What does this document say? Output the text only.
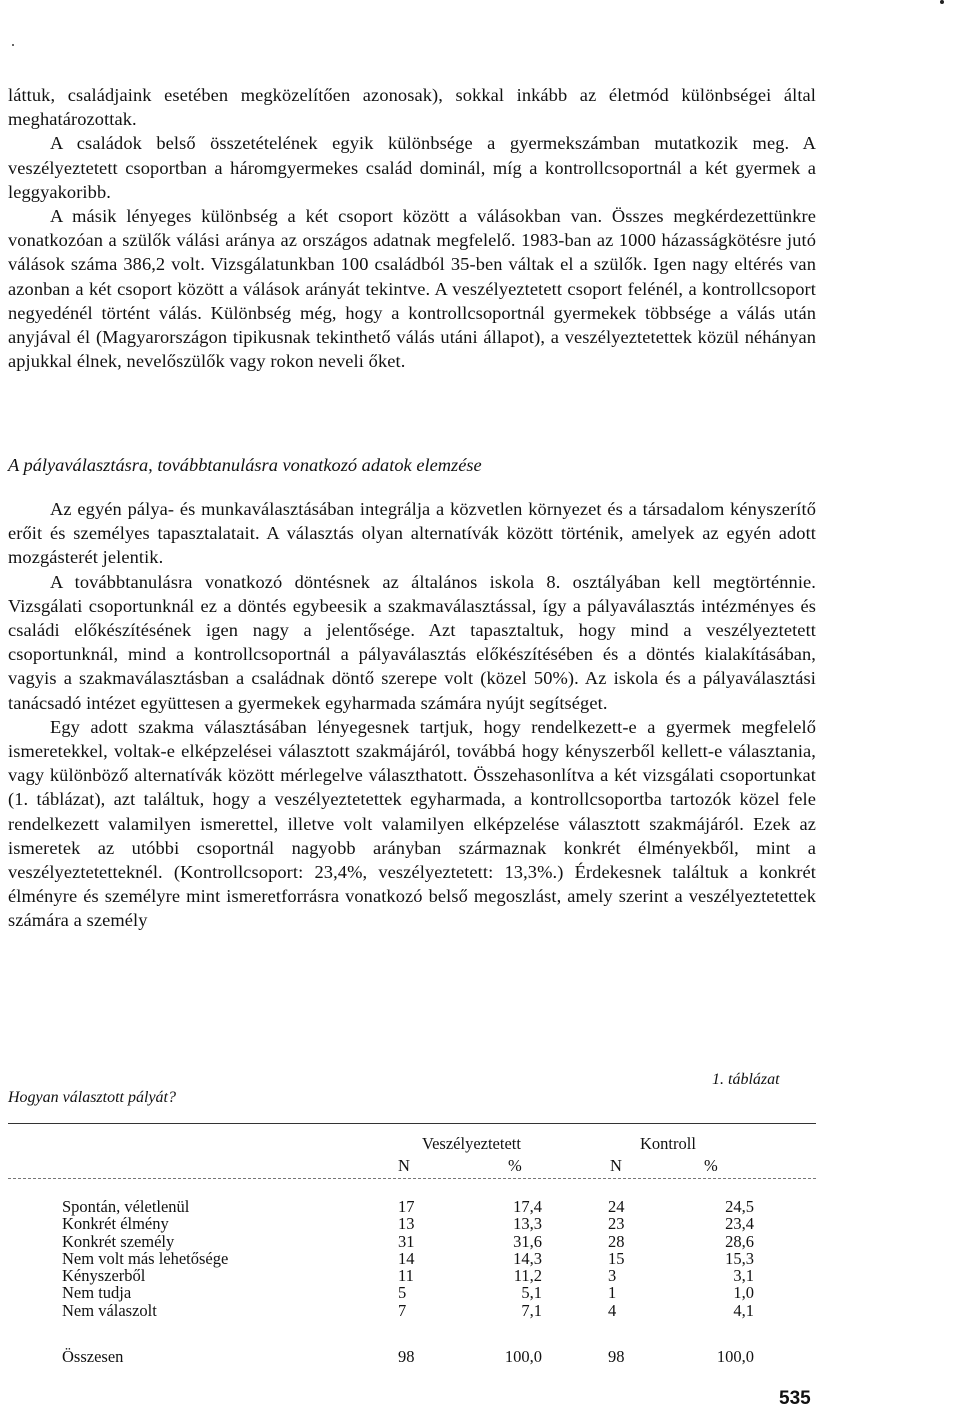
láttuk, családjaink esetében megközelítően azonosak), sokkal inkább az életmód különbségei által meghatározottak.

A családok belső összetételének egyik különbsége a gyermekszámban mutatkozik meg. A veszélyeztetett csoportban a háromgyermekes család dominál, míg a kontrollcsoportnál a két gyermek a leggyakoribb.

A másik lényeges különbség a két csoport között a válásokban van. Összes megkérdezettünkre vonatkozóan a szülők válási aránya az országos adatnak megfelelő. 1983-ban az 1000 házasságkötésre jutó válások száma 386,2 volt. Vizsgálatunkban 100 családból 35-ben váltak el a szülők. Igen nagy eltérés van azonban a két csoport között a válások arányát tekintve. A veszélyeztetett csoport felénél, a kontrollcsoport negyedénél történt válás. Különbség még, hogy a kontrollcsoportnál gyermekek többsége a válás után anyjával él (Magyarországon tipikusnak tekinthető válás utáni állapot), a veszélyeztetettek közül néhányan apjukkal élnek, nevelőszülők vagy rokon neveli őket.

A pályaválasztásra, továbbtanulásra vonatkozó adatok elemzése

Az egyén pálya- és munkaválasztásában integrálja a közvetlen környezet és a társadalom kényszerítő erőit és személyes tapasztalatait. A választás olyan alternatívák között történik, amelyek az egyén adott mozgásterét jelentik.

A továbbtanulásra vonatkozó döntésnek az általános iskola 8. osztályában kell megtörténnie. Vizsgálati csoportunknál ez a döntés egybeesik a szakmaválasztással, így a pályaválasztás intézményes és családi előkészítésének igen nagy a jelentősége. Azt tapasztaltuk, hogy mind a veszélyeztetett csoportunknál, mind a kontrollcsoportnál a pályaválasztás előkészítésében és a döntés kialakításában, vagyis a szakmaválasztásban a családnak döntő szerepe volt (közel 50%). Az iskola és a pályaválasztási tanácsadó intézet együttesen a gyermekek egyharmada számára nyújt segítséget.

Egy adott szakma választásában lényegesnek tartjuk, hogy rendelkezett-e a gyermek megfelelő ismeretekkel, voltak-e elképzelései választott szakmájáról, továbbá hogy kényszerből kellett-e választania, vagy különböző alternatívák között mérlegelve választhatott. Összehasonlítva a két vizsgálati csoportunkat (1. táblázat), azt találtuk, hogy a veszélyeztetettek egyharmada, a kontrollcsoportba tartozók közel fele rendelkezett valamilyen ismerettel, illetve volt valamilyen elképzelése választott szakmájáról. Ezek az ismeretek az utóbbi csoportnál nagyobb arányban származnak konkrét élményekből, mint a veszélyeztetetteknél. (Kontrollcsoport: 23,4%, veszélyeztetett: 13,3%.) Érdekesnek találtuk a konkrét élményre és személyre mint ismeretforrásra vonatkozó belső megoszlást, amely szerint a veszélyeztetettek számára a személy

1. táblázat
Hogyan választott pályát?
Veszélyeztetett	Kontroll
N	%	N	%
Spontán, véletlenül	17	17,4	24	24,5
Konkrét élmény	13	13,3	23	23,4
Konkrét személy	31	31,6	28	28,6
Nem volt más lehetősége	14	14,3	15	15,3
Kényszerből	11	11,2	3	3,1
Nem tudja	5	5,1	1	1,0
Nem válaszolt	7	7,1	4	4,1
Összesen	98	100,0	98	100,0
535
